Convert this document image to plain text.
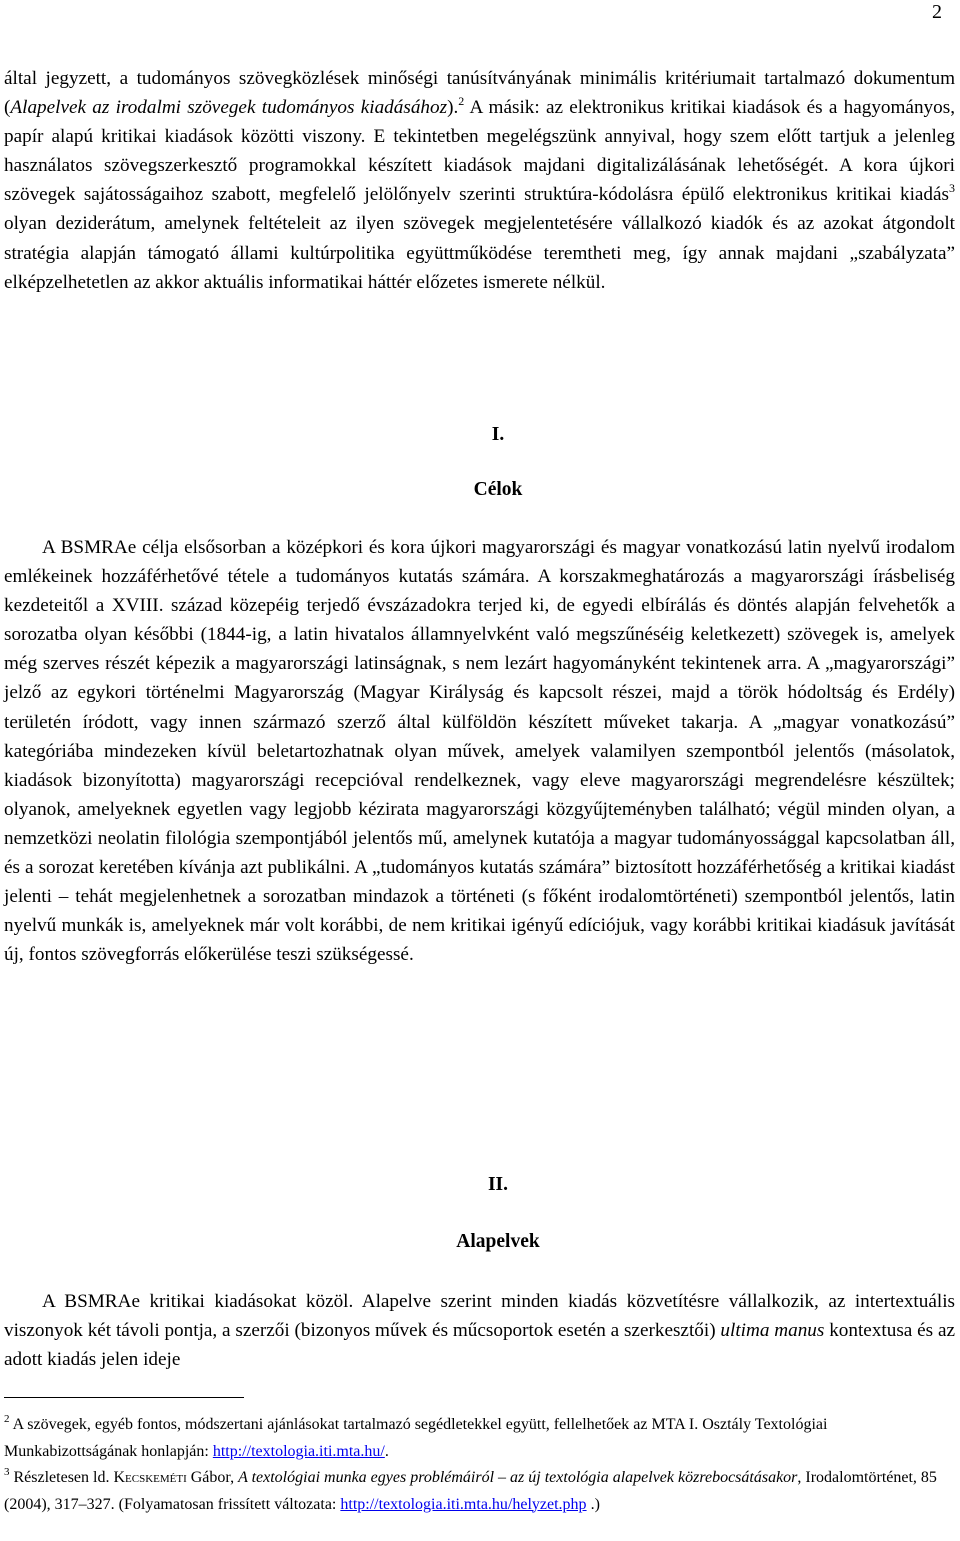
2

által jegyzett, a tudományos szövegközlések minőségi tanúsítványának minimális kritériumait tartalmazó dokumentum (Alapelvek az irodalmi szövegek tudományos kiadásához).$^2$ A másik: az elektronikus kritikai kiadások és a hagyományos, papír alapú kritikai kiadások közötti viszony. E tekintetben megelégszünk annyival, hogy szem előtt tartjuk a jelenleg használatos szövegszerkesztő programokkal készített kiadások majdani digitalizálásának lehetőségét. A kora újkori szövegek sajátosságaihoz szabott, megfelelő jelölőnyelv szerinti struktúra-kódolásra épülő elektronikus kritikai kiadás$^3$ olyan deziderátum, amelynek feltételeit az ilyen szövegek megjelentetésére vállalkozó kiadók és az azokat átgondolt stratégia alapján támogató állami kultúrpolitika együttműködése teremtheti meg, így annak majdani „szabályzata” elképzelhetetlen az akkor aktuális informatikai háttér előzetes ismerete nélkül.

I.
Célok

A BSMRAe célja elsősorban a középkori és kora újkori magyarországi és magyar vonatkozású latin nyelvű irodalom emlékeinek hozzáférhetővé tétele a tudományos kutatás számára. A korszakmeghatározás a magyarországi írásbeliség kezdeteitől a XVIII. század közepéig terjedő évszázadokra terjed ki, de egyedi elbírálás és döntés alapján felvehetők a sorozatba olyan későbbi (1844-ig, a latin hivatalos államnyelvként való megszűnéséig keletkezett) szövegek is, amelyek még szerves részét képezik a magyarországi latinságnak, s nem lezárt hagyományként tekintenek arra. A „magyarországi” jelző az egykori történelmi Magyarország (Magyar Királyság és kapcsolt részei, majd a török hódoltság és Erdély) területén íródott, vagy innen származó szerző által külföldön készített műveket takarja. A „magyar vonatkozású” kategóriába mindezeken kívül beletartozhatnak olyan művek, amelyek valamilyen szempontból jelentős (másolatok, kiadások bizonyította) magyarországi recepcióval rendelkeznek, vagy eleve magyarországi megrendelésre készültek; olyanok, amelyeknek egyetlen vagy legjobb kézirata magyarországi közgyűjteményben található; végül minden olyan, a nemzetközi neolatin filológia szempontjából jelentős mű, amelynek kutatója a magyar tudományossággal kapcsolatban áll, és a sorozat keretében kívánja azt publikálni. A „tudományos kutatás számára” biztosított hozzáférhetőség a kritikai kiadást jelenti – tehát megjelenhetnek a sorozatban mindazok a történeti (s főként irodalomtörténeti) szempontból jelentős, latin nyelvű munkák is, amelyeknek már volt korábbi, de nem kritikai igényű edíciójuk, vagy korábbi kritikai kiadásuk javítását új, fontos szövegforrás előkerülése teszi szükségessé.

II.
Alapelvek

A BSMRAe kritikai kiadásokat közöl. Alapelve szerint minden kiadás közvetítésre vállalkozik, az intertextuális viszonyok két távoli pontja, a szerzői (bizonyos művek és műcsoportok esetén a szerkesztői) ultima manus kontextusa és az adott kiadás jelen ideje

$^2$ A szövegek, egyéb fontos, módszertani ajánlásokat tartalmazó segédletekkel együtt, fellelhetőek az MTA I. Osztály Textológiai Munkabizottságának honlapján: http://textologia.iti.mta.hu/.

$^3$ Részletesen ld. Kecskeméti Gábor, A textológiai munka egyes problémáiról – az új textológia alapelvek közrebocsátásakor, Irodalomtörténet, 85 (2004), 317–327. (Folyamatosan frissített változata: http://textologia.iti.mta.hu/helyzet.php .)
